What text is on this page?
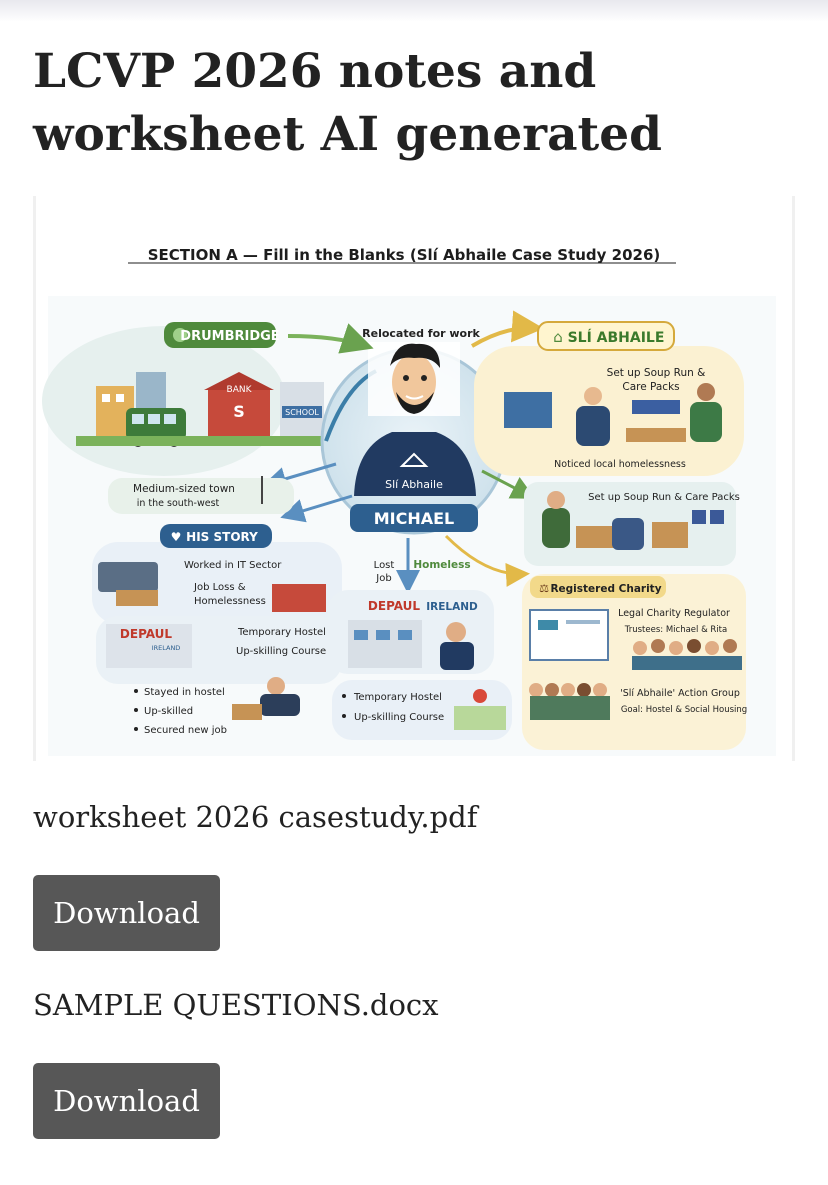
LCVP 2026 notes and
worksheet AI generated
SECTION A — Fill in the Blanks (Slí Abhaile Case Study 2026)
DRUMBRIDGE
BANK
S	SCHOOL
Relocated for work
Slí Abhaile
MICHAEL
⌂ SLÍ ABHAILE
Set up Soup Run &
Care Packs
Noticed local homelessness
Medium-sized town
in the south-west
Set up Soup Run & Care Packs
♥ HIS STORY
Worked in IT Sector
Job Loss &
Homelessness
Lost
Job
Homeless
⚖ Registered Charity
Legal Charity Regulator
Trustees: Michael & Rita
'Slí Abhaile' Action Group
Goal: Hostel & Social Housing
DEPAUL
IRELAND
Temporary Hostel
Up-skilling Course
DEPAUL IRELAND
Stayed in hostel
Up-skilled
Secured new job
Temporary Hostel
Up-skilling Course
worksheet 2026 casestudy.pdf
Download
SAMPLE QUESTIONS.docx
Download
